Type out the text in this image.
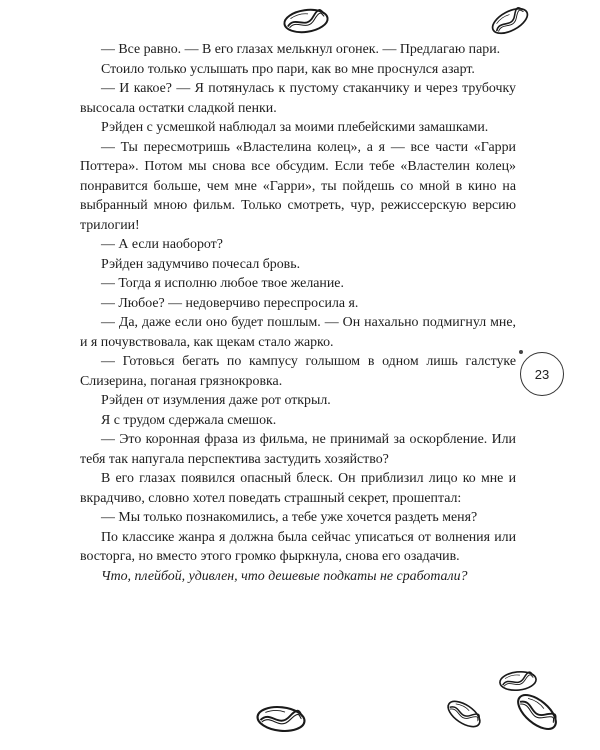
— Все равно. — В его глазах мелькнул огонек. — Предлагаю пари.

Стоило только услышать про пари, как во мне проснулся азарт.

— И какое? — Я потянулась к пустому стаканчику и через трубочку высосала остатки сладкой пенки.

Рэйден с усмешкой наблюдал за моими плебейскими замашками.

— Ты пересмотришь «Властелина колец», а я — все части «Гарри Поттера». Потом мы снова все обсудим. Если тебе «Властелин колец» понравится больше, чем мне «Гарри», ты пойдешь со мной в кино на выбранный мною фильм. Только смотреть, чур, режиссерскую версию трилогии!

— А если наоборот?

Рэйден задумчиво почесал бровь.

— Тогда я исполню любое твое желание.

— Любое? — недоверчиво переспросила я.

— Да, даже если оно будет пошлым. — Он нахально подмигнул мне, и я почувствовала, как щекам стало жарко.

— Готовься бегать по кампусу голышом в одном лишь галстуке Слизерина, поганая грязнокровка.

Рэйден от изумления даже рот открыл.

Я с трудом сдержала смешок.

— Это коронная фраза из фильма, не принимай за оскорбление. Или тебя так напугала перспектива застудить хозяйство?

В его глазах появился опасный блеск. Он приблизил лицо ко мне и вкрадчиво, словно хотел поведать страшный секрет, прошептал:

— Мы только познакомились, а тебе уже хочется раздеть меня?

По классике жанра я должна была сейчас уписаться от волнения или восторга, но вместо этого громко фыркнула, снова его озадачив.

Что, плейбой, удивлен, что дешевые подкаты не сработали?

23
